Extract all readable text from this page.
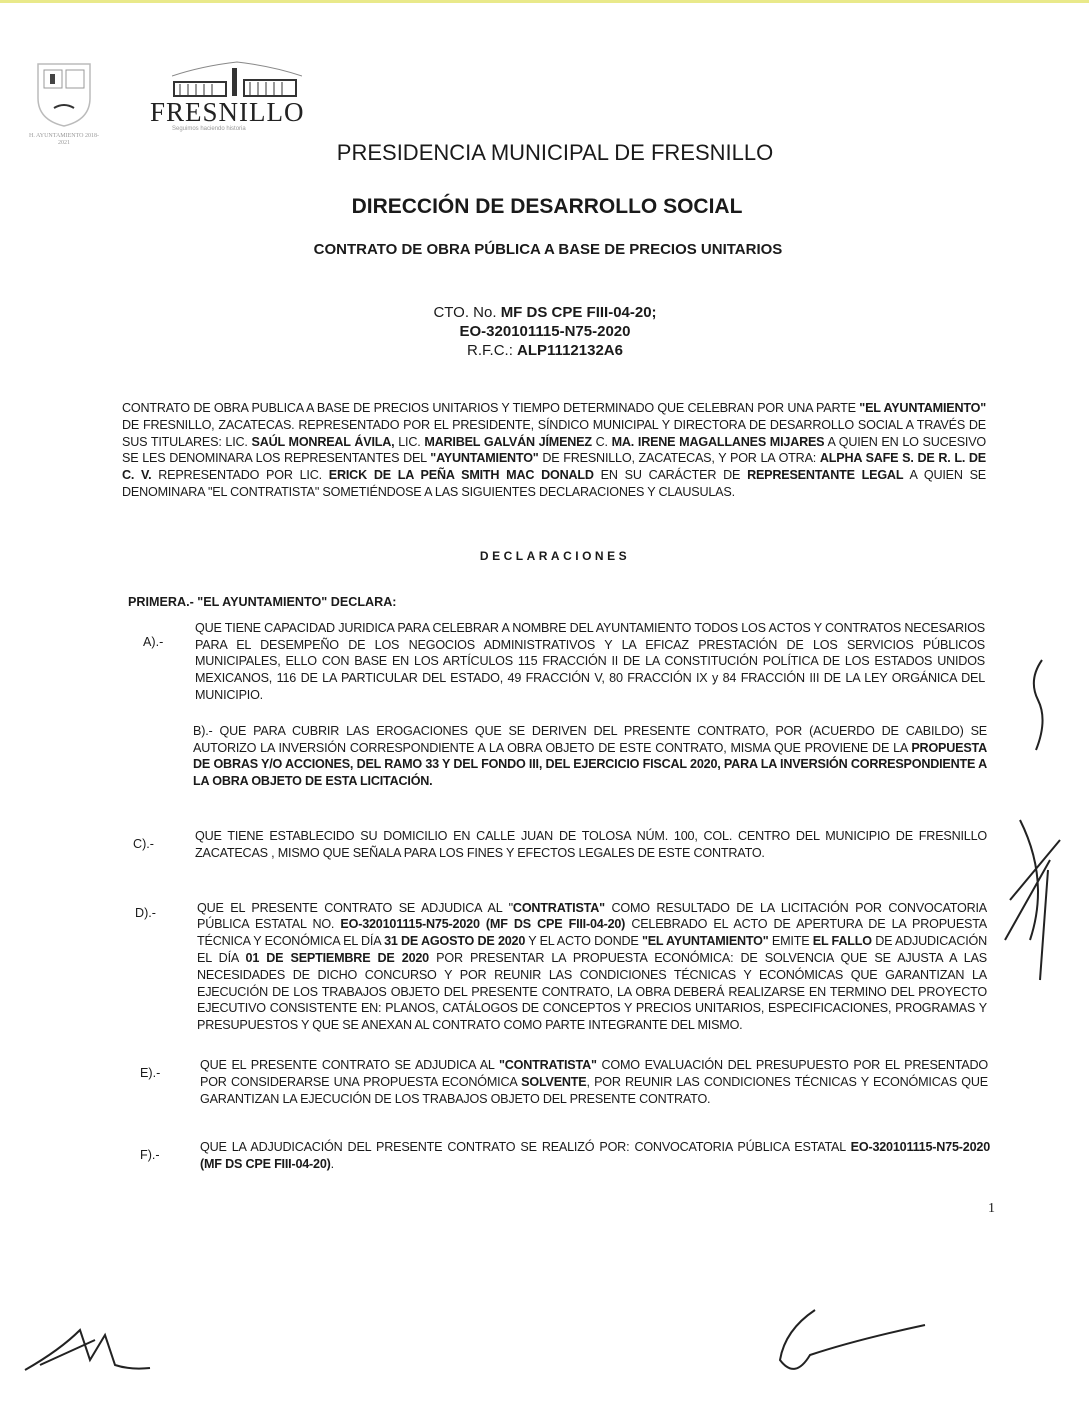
H. AYUNTAMIENTO 2018-2021
FRESNILLO
Seguimos haciendo historia
PRESIDENCIA MUNICIPAL DE FRESNILLO
DIRECCIÓN DE DESARROLLO SOCIAL
CONTRATO DE OBRA PÚBLICA A BASE DE PRECIOS UNITARIOS
CTO. No. MF DS CPE FIII-04-20;
EO-320101115-N75-2020
R.F.C.: ALP1112132A6
CONTRATO DE OBRA PUBLICA A BASE DE PRECIOS UNITARIOS Y TIEMPO DETERMINADO QUE CELEBRAN POR UNA PARTE "EL AYUNTAMIENTO" DE FRESNILLO, ZACATECAS. REPRESENTADO POR EL PRESIDENTE, SÍNDICO MUNICIPAL Y DIRECTORA DE DESARROLLO SOCIAL A TRAVÉS DE SUS TITULARES: LIC. SAÚL MONREAL ÁVILA, LIC. MARIBEL GALVÁN JÍMENEZ C. MA. IRENE MAGALLANES MIJARES A QUIEN EN LO SUCESIVO SE LES DENOMINARA LOS REPRESENTANTES DEL "AYUNTAMIENTO" DE FRESNILLO, ZACATECAS, Y POR LA OTRA: ALPHA SAFE S. DE R. L. DE C. V. REPRESENTADO POR LIC. ERICK DE LA PEÑA SMITH MAC DONALD EN SU CARÁCTER DE REPRESENTANTE LEGAL A QUIEN SE DENOMINARA "EL CONTRATISTA" SOMETIÉNDOSE A LAS SIGUIENTES DECLARACIONES Y CLAUSULAS.
DECLARACIONES
PRIMERA.- "EL AYUNTAMIENTO" DECLARA:
A).-
QUE TIENE CAPACIDAD JURIDICA PARA CELEBRAR A NOMBRE DEL AYUNTAMIENTO TODOS LOS ACTOS Y CONTRATOS NECESARIOS PARA EL DESEMPEÑO DE LOS NEGOCIOS ADMINISTRATIVOS Y LA EFICAZ PRESTACIÓN DE LOS SERVICIOS PÚBLICOS MUNICIPALES, ELLO CON BASE EN LOS ARTÍCULOS 115 FRACCIÓN II DE LA CONSTITUCIÓN POLÍTICA DE LOS ESTADOS UNIDOS MEXICANOS, 116 DE LA PARTICULAR DEL ESTADO, 49 FRACCIÓN V, 80 FRACCIÓN IX y 84 FRACCIÓN III DE LA LEY ORGÁNICA DEL MUNICIPIO.
B).- QUE PARA CUBRIR LAS EROGACIONES QUE SE DERIVEN DEL PRESENTE CONTRATO, POR (ACUERDO DE CABILDO) SE AUTORIZO LA INVERSIÓN CORRESPONDIENTE A LA OBRA OBJETO DE ESTE CONTRATO, MISMA QUE PROVIENE DE LA PROPUESTA DE OBRAS Y/O ACCIONES, DEL RAMO 33 Y DEL FONDO III, DEL EJERCICIO FISCAL 2020, PARA LA INVERSIÓN CORRESPONDIENTE A LA OBRA OBJETO DE ESTA LICITACIÓN.
C).-
QUE TIENE ESTABLECIDO SU DOMICILIO EN CALLE JUAN DE TOLOSA NÚM. 100, COL. CENTRO DEL MUNICIPIO DE FRESNILLO ZACATECAS , MISMO QUE SEÑALA PARA LOS FINES Y EFECTOS LEGALES DE ESTE CONTRATO.
D).-	QUE EL PRESENTE CONTRATO SE ADJUDICA AL "CONTRATISTA" COMO RESULTADO DE LA LICITACIÓN POR CONVOCATORIA PÚBLICA ESTATAL NO. EO-320101115-N75-2020 (MF DS CPE FIII-04-20) CELEBRADO EL ACTO DE APERTURA DE LA PROPUESTA TÉCNICA Y ECONÓMICA EL DÍA 31 DE AGOSTO DE 2020 Y EL ACTO DONDE "EL AYUNTAMIENTO" EMITE EL FALLO DE ADJUDICACIÓN EL DÍA 01 DE SEPTIEMBRE DE 2020 POR PRESENTAR LA PROPUESTA ECONÓMICA: DE SOLVENCIA QUE SE AJUSTA A LAS NECESIDADES DE DICHO CONCURSO Y POR REUNIR LAS CONDICIONES TÉCNICAS Y ECONÓMICAS QUE GARANTIZAN LA EJECUCIÓN DE LOS TRABAJOS OBJETO DEL PRESENTE CONTRATO, LA OBRA DEBERÁ REALIZARSE EN TERMINO DEL PROYECTO EJECUTIVO CONSISTENTE EN: PLANOS, CATÁLOGOS DE CONCEPTOS Y PRECIOS UNITARIOS, ESPECIFICACIONES, PROGRAMAS Y PRESUPUESTOS Y QUE SE ANEXAN AL CONTRATO COMO PARTE INTEGRANTE DEL MISMO.
E).-
QUE EL PRESENTE CONTRATO SE ADJUDICA AL "CONTRATISTA" COMO EVALUACIÓN DEL PRESUPUESTO POR EL PRESENTADO POR CONSIDERARSE UNA PROPUESTA ECONÓMICA SOLVENTE, POR REUNIR LAS CONDICIONES TÉCNICAS Y ECONÓMICAS QUE GARANTIZAN LA EJECUCIÓN DE LOS TRABAJOS OBJETO DEL PRESENTE CONTRATO.
F).-
QUE LA ADJUDICACIÓN DEL PRESENTE CONTRATO SE REALIZÓ POR: CONVOCATORIA PÚBLICA ESTATAL EO-320101115-N75-2020 (MF DS CPE FIII-04-20).
1
